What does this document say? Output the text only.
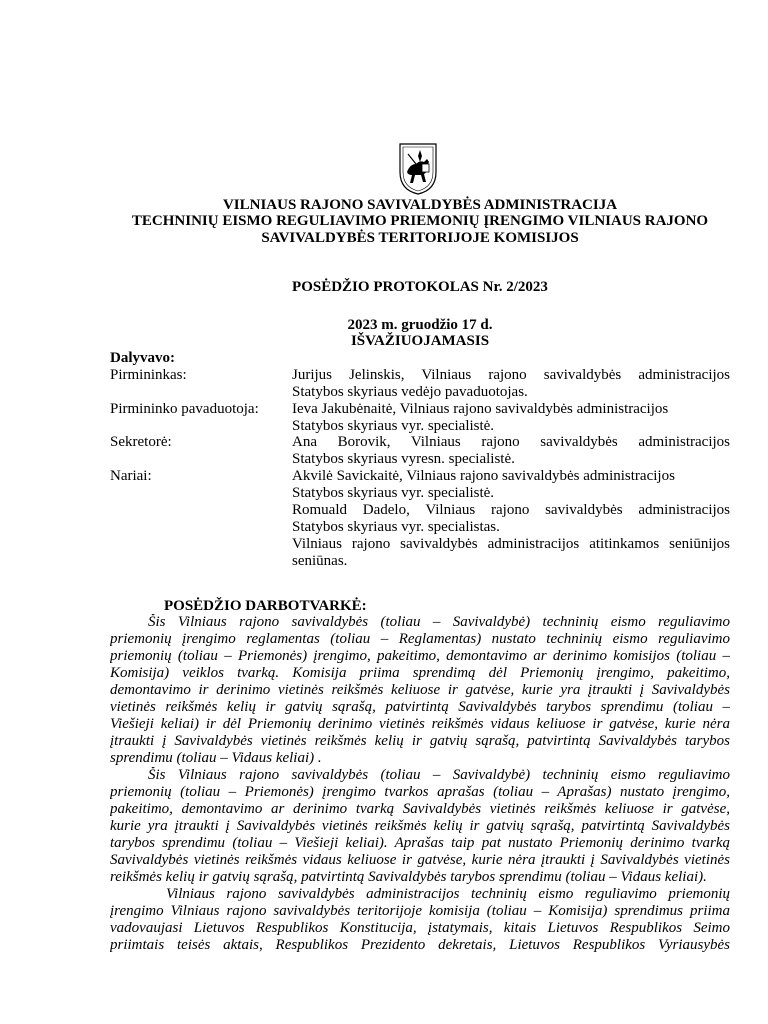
VILNIAUS RAJONO SAVIVALDYBĖS ADMINISTRACIJA
TECHNINIŲ EISMO REGULIAVIMO PRIEMONIŲ ĮRENGIMO VILNIAUS RAJONO
SAVIVALDYBĖS TERITORIJOJE KOMISIJOS
POSĖDŽIO PROTOKOLAS Nr. 2/2023
2023 m. gruodžio 17 d.
IŠVAŽIUOJAMASIS
Dalyvavo:
Pirmininkas:	Jurijus Jelinskis, Vilniaus rajono savivaldybės administracijos
Statybos skyriaus vedėjo pavaduotojas.
Pirmininko pavaduotoja: Ieva Jakubėnaitė, Vilniaus rajono savivaldybės administracijos
Statybos skyriaus vyr. specialistė.
Sekretorė:	Ana Borovik, Vilniaus rajono savivaldybės administracijos
Statybos skyriaus vyresn. specialistė.
Nariai:	Akvilė Savickaitė, Vilniaus rajono savivaldybės administracijos
Statybos skyriaus vyr. specialistė.
Romuald Dadelo, Vilniaus rajono savivaldybės administracijos
Statybos skyriaus vyr. specialistas.
Vilniaus rajono savivaldybės administracijos atitinkamos seniūnijos
seniūnas.
POSĖDŽIO DARBOTVARKĖ:
Šis Vilniaus rajono savivaldybės (toliau – Savivaldybė) techninių eismo reguliavimo
priemonių įrengimo reglamentas (toliau – Reglamentas) nustato techninių eismo reguliavimo
priemonių (toliau – Priemonės) įrengimo, pakeitimo, demontavimo ar derinimo komisijos (toliau –
Komisija) veiklos tvarką. Komisija priima sprendimą dėl Priemonių įrengimo, pakeitimo,
demontavimo ir derinimo vietinės reikšmės keliuose ir gatvėse, kurie yra įtraukti į Savivaldybės
vietinės reikšmės kelių ir gatvių sąrašą, patvirtintą Savivaldybės tarybos sprendimu (toliau –
Viešieji keliai) ir dėl Priemonių derinimo vietinės reikšmės vidaus keliuose ir gatvėse, kurie nėra
įtraukti į Savivaldybės vietinės reikšmės kelių ir gatvių sąrašą, patvirtintą Savivaldybės tarybos
sprendimu (toliau – Vidaus keliai) .
Šis Vilniaus rajono savivaldybės (toliau – Savivaldybė) techninių eismo reguliavimo
priemonių (toliau – Priemonės) įrengimo tvarkos aprašas (toliau – Aprašas) nustato įrengimo,
pakeitimo, demontavimo ar derinimo tvarką Savivaldybės vietinės reikšmės keliuose ir gatvėse,
kurie yra įtraukti į Savivaldybės vietinės reikšmės kelių ir gatvių sąrašą, patvirtintą Savivaldybės
tarybos sprendimu (toliau – Viešieji keliai). Aprašas taip pat nustato Priemonių derinimo tvarką
Savivaldybės vietinės reikšmės vidaus keliuose ir gatvėse, kurie nėra įtraukti į Savivaldybės vietinės
reikšmės kelių ir gatvių sąrašą, patvirtintą Savivaldybės tarybos sprendimu (toliau – Vidaus keliai).
Vilniaus rajono savivaldybės administracijos techninių eismo reguliavimo priemonių
įrengimo Vilniaus rajono savivaldybės teritorijoje komisija (toliau – Komisija) sprendimus priima
vadovaujasi Lietuvos Respublikos Konstitucija, įstatymais, kitais Lietuvos Respublikos Seimo
priimtais teisės aktais, Respublikos Prezidento dekretais, Lietuvos Respublikos Vyriausybės
